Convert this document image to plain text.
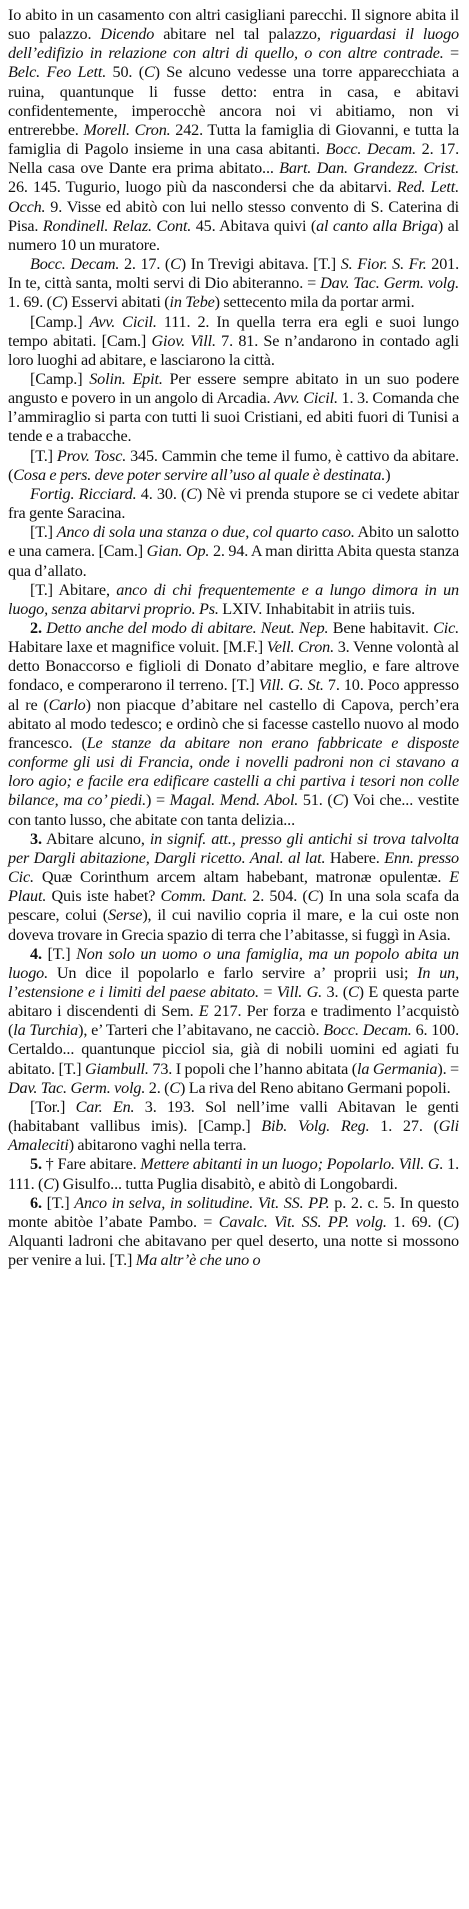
Io abito in un casamento con altri casigliani parecchi. Il signore abita il suo palazzo. Dicendo abitare nel tal palazzo, riguardasi il luogo dell’edifizio in relazione con altri di quello, o con altre contrade. = Belc. Feo Lett. 50. (C) Se alcuno vedesse una torre apparecchiata a ruina, quantunque li fusse detto: entra in casa, e abitavi confidentemente, imperocchè ancora noi vi abitiamo, non vi entrerebbe. Morell. Cron. 242. Tutta la famiglia di Giovanni, e tutta la famiglia di Pagolo insieme in una casa abitanti. Bocc. Decam. 2. 17. Nella casa ove Dante era prima abitato... Bart. Dan. Grandezz. Crist. 26. 145. Tugurio, luogo più da nascondersi che da abitarvi. Red. Lett. Occh. 9. Visse ed abitò con lui nello stesso convento di S. Caterina di Pisa. Rondinell. Relaz. Cont. 45. Abitava quivi (al canto alla Briga) al numero 10 un muratore.

Bocc. Decam. 2. 17. (C) In Trevigi abitava. [T.] S. Fior. S. Fr. 201. In te, città santa, molti servi di Dio abiteranno. = Dav. Tac. Germ. volg. 1. 69. (C) Esservi abitati (in Tebe) settecento mila da portar armi.

[Camp.] Avv. Cicil. 111. 2. In quella terra era egli e suoi lungo tempo abitati. [Cam.] Giov. Vill. 7. 81. Se n’andarono in contado agli loro luoghi ad abitare, e lasciarono la città.

[Camp.] Solin. Epit. Per essere sempre abitato in un suo podere angusto e povero in un angolo di Arcadia. Avv. Cicil. 1. 3. Comanda che l’ammiraglio si parta con tutti li suoi Cristiani, ed abiti fuori di Tunisi a tende e a trabacche.

[T.] Prov. Tosc. 345. Cammin che teme il fumo, è cattivo da abitare. (Cosa e pers. deve poter servire all’uso al quale è destinata.)

Fortig. Ricciard. 4. 30. (C) Nè vi prenda stupore se ci vedete abitar fra gente Saracina.

[T.] Anco di sola una stanza o due, col quarto caso. Abito un salotto e una camera. [Cam.] Gian. Op. 2. 94. A man diritta Abita questa stanza qua d’allato.

[T.] Abitare, anco di chi frequentemente e a lungo dimora in un luogo, senza abitarvi proprio. Ps. LXIV. Inhabitabit in atriis tuis.

2. Detto anche del modo di abitare. Neut. Nep. Bene habitavit. Cic. Habitare laxe et magnifice voluit. [M.F.] Vell. Cron. 3. Venne volontà al detto Bonaccorso e figlioli di Donato d’abitare meglio, e fare altrove fondaco, e comperarono il terreno. [T.] Vill. G. St. 7. 10. Poco appresso al re (Carlo) non piacque d’abitare nel castello di Capova, perch’era abitato al modo tedesco; e ordinò che si facesse castello nuovo al modo francesco. (Le stanze da abitare non erano fabbricate e disposte conforme gli usi di Francia, onde i novelli padroni non ci stavano a loro agio; e facile era edificare castelli a chi partiva i tesori non colle bilance, ma co’ piedi.) = Magal. Mend. Abol. 51. (C) Voi che... vestite con tanto lusso, che abitate con tanta delizia...

3. Abitare alcuno, in signif. att., presso gli antichi si trova talvolta per Dargli abitazione, Dargli ricetto. Anal. al lat. Habere. Enn. presso Cic. Quæ Corinthum arcem altam habebant, matronæ opulentæ. E Plaut. Quis iste habet? Comm. Dant. 2. 504. (C) In una sola scafa da pescare, colui (Serse), il cui navilio copria il mare, e la cui oste non doveva trovare in Grecia spazio di terra che l’abitasse, si fuggì in Asia.

4. [T.] Non solo un uomo o una famiglia, ma un popolo abita un luogo. Un dice il popolarlo e farlo servire a’ proprii usi; In un, l’estensione e i limiti del paese abitato. = Vill. G. 3. (C) E questa parte abitaro i discendenti di Sem. E 217. Per forza e tradimento l’acquistò (la Turchia), e’ Tarteri che l’abitavano, ne cacciò. Bocc. Decam. 6. 100. Certaldo... quantunque picciol sia, già di nobili uomini ed agiati fu abitato. [T.] Giambull. 73. I popoli che l’hanno abitata (la Germania). = Dav. Tac. Germ. volg. 2. (C) La riva del Reno abitano Germani popoli.

[Tor.] Car. En. 3. 193. Sol nell’ime valli Abitavan le genti (habitabant vallibus imis). [Camp.] Bib. Volg. Reg. 1. 27. (Gli Amaleciti) abitarono vaghi nella terra.

5. † Fare abitare. Mettere abitanti in un luogo; Popolarlo. Vill. G. 1. 111. (C) Gisulfo... tutta Puglia disabitò, e abitò di Longobardi.

6. [T.] Anco in selva, in solitudine. Vit. SS. PP. p. 2. c. 5. In questo monte abitòe l’abate Pambo. = Cavalc. Vit. SS. PP. volg. 1. 69. (C) Alquanti ladroni che abitavano per quel deserto, una notte si mossono per venire a lui. [T.] Ma altr’è che uno o
